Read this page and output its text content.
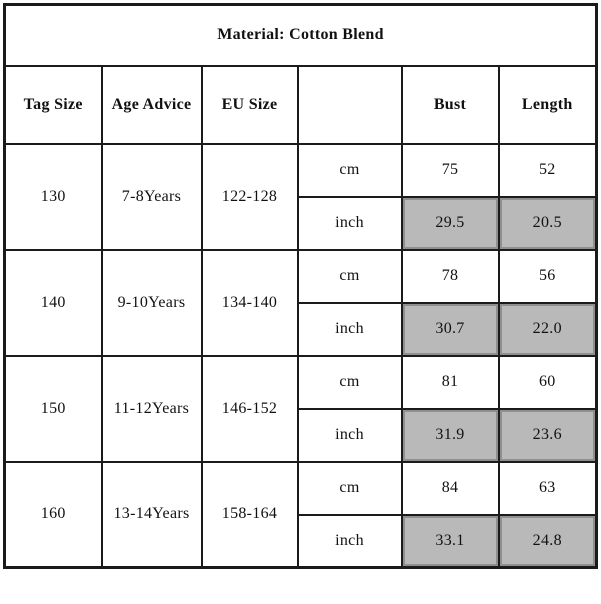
Material: Cotton Blend					
Tag Size	Age Advice	EU Size		Bust	Length
130	7-8Years	122-128	cm	75	52
			inch	29.5	20.5
140	9-10Years	134-140	cm	78	56
			inch	30.7	22.0
150	11-12Years	146-152	cm	81	60
			inch	31.9	23.6
160	13-14Years	158-164	cm	84	63
			inch	33.1	24.8
